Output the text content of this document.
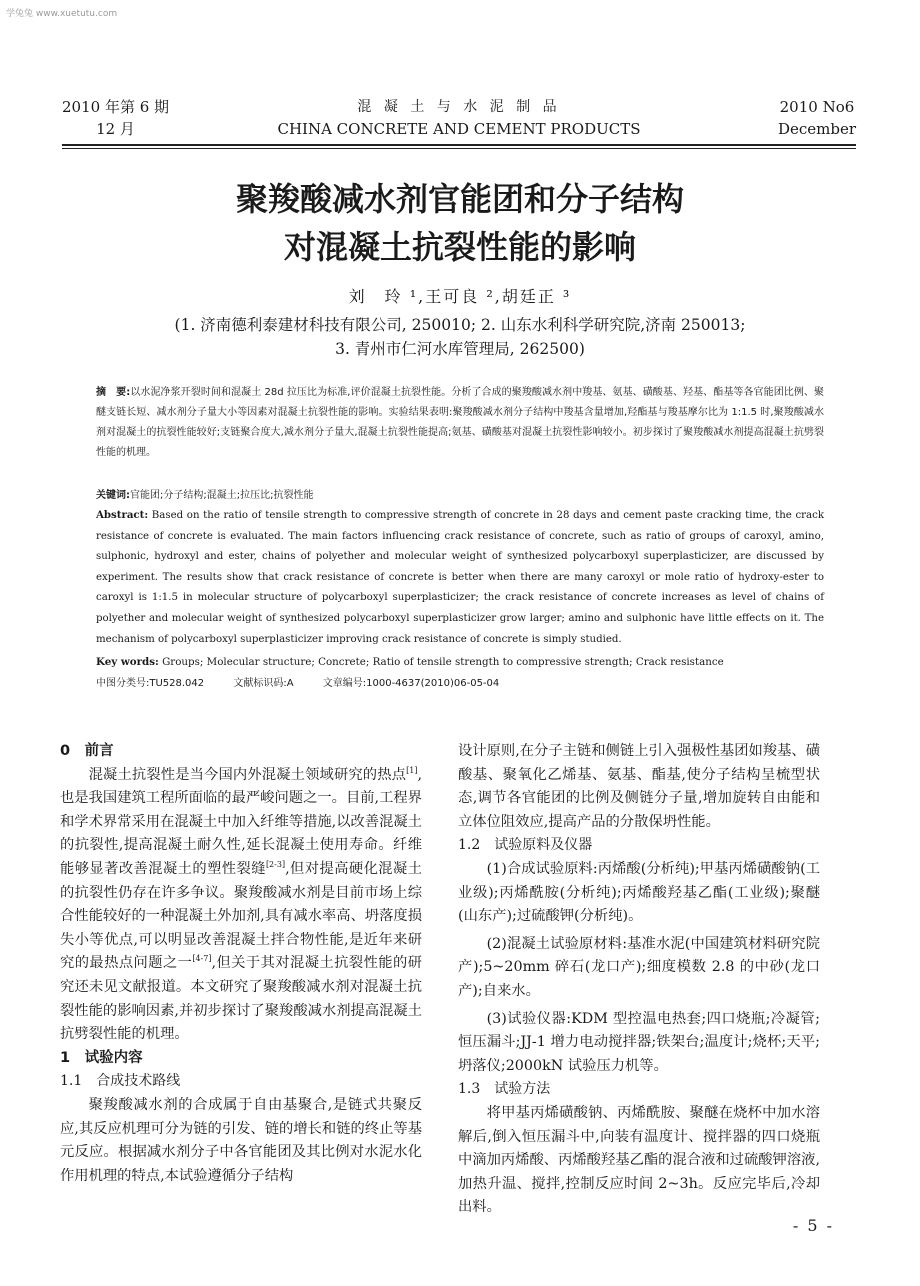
学兔兔 www.xuetutu.com
2010 年第 6 期
12 月
混 凝 土 与 水 泥 制 品
CHINA CONCRETE AND CEMENT PRODUCTS
2010 No6
December
聚羧酸减水剂官能团和分子结构
对混凝土抗裂性能的影响
刘　玲 ¹,王可良 ²,胡廷正 ³
(1. 济南德利泰建材科技有限公司, 250010; 2. 山东水利科学研究院,济南 250013;
3. 青州市仁河水库管理局, 262500)
摘　要:以水泥净浆开裂时间和混凝土 28d 拉压比为标准,评价混凝土抗裂性能。分析了合成的聚羧酸减水剂中羧基、氨基、磺酸基、羟基、酯基等各官能团比例、聚醚支链长短、减水剂分子量大小等因素对混凝土抗裂性能的影响。实验结果表明:聚羧酸减水剂分子结构中羧基含量增加,羟酯基与羧基摩尔比为 1:1.5 时,聚羧酸减水剂对混凝土的抗裂性能较好;支链聚合度大,减水剂分子量大,混凝土抗裂性能提高;氨基、磺酸基对混凝土抗裂性影响较小。初步探讨了聚羧酸减水剂提高混凝土抗劈裂性能的机理。
关键词:官能团;分子结构;混凝土;拉压比;抗裂性能
Abstract: Based on the ratio of tensile strength to compressive strength of concrete in 28 days and cement paste cracking time, the crack resistance of concrete is evaluated. The main factors influencing crack resistance of concrete, such as ratio of groups of caroxyl, amino, sulphonic, hydroxyl and ester, chains of polyether and molecular weight of synthesized polycarboxyl superplasticizer, are discussed by experiment. The results show that crack resistance of concrete is better when there are many caroxyl or mole ratio of hydroxy-ester to caroxyl is 1:1.5 in molecular structure of polycarboxyl superplasticizer; the crack resistance of concrete increases as level of chains of polyether and molecular weight of synthesized polycarboxyl superplasticizer grow larger; amino and sulphonic have little effects on it. The mechanism of polycarboxyl superplasticizer improving crack resistance of concrete is simply studied.
Key words: Groups; Molecular structure; Concrete; Ratio of tensile strength to compressive strength; Crack resistance
中图分类号:TU528.042	文献标识码:A	文章编号:1000-4637(2010)06-05-04
0　前言

混凝土抗裂性是当今国内外混凝土领域研究的热点[1],也是我国建筑工程所面临的最严峻问题之一。目前,工程界和学术界常采用在混凝土中加入纤维等措施,以改善混凝土的抗裂性,提高混凝土耐久性,延长混凝土使用寿命。纤维能够显著改善混凝土的塑性裂缝[2-3],但对提高硬化混凝土的抗裂性仍存在许多争议。聚羧酸减水剂是目前市场上综合性能较好的一种混凝土外加剂,具有减水率高、坍落度损失小等优点,可以明显改善混凝土拌合物性能,是近年来研究的最热点问题之一[4-7],但关于其对混凝土抗裂性能的研究还未见文献报道。本文研究了聚羧酸减水剂对混凝土抗裂性能的影响因素,并初步探讨了聚羧酸减水剂提高混凝土抗劈裂性能的机理。

1　试验内容
1.1　合成技术路线

聚羧酸减水剂的合成属于自由基聚合,是链式共聚反应,其反应机理可分为链的引发、链的增长和链的终止等基元反应。根据减水剂分子中各官能团及其比例对水泥水化作用机理的特点,本试验遵循分子结构

设计原则,在分子主链和侧链上引入强极性基团如羧基、磺酸基、聚氧化乙烯基、氨基、酯基,使分子结构呈梳型状态,调节各官能团的比例及侧链分子量,增加旋转自由能和立体位阻效应,提高产品的分散保坍性能。

1.2　试验原料及仪器

(1)合成试验原料:丙烯酸(分析纯);甲基丙烯磺酸钠(工业级);丙烯酰胺(分析纯);丙烯酸羟基乙酯(工业级);聚醚(山东产);过硫酸钾(分析纯)。

(2)混凝土试验原材料:基准水泥(中国建筑材料研究院产);5~20mm 碎石(龙口产);细度模数 2.8 的中砂(龙口产);自来水。

(3)试验仪器:KDM 型控温电热套;四口烧瓶;冷凝管;恒压漏斗;JJ-1 增力电动搅拌器;铁架台;温度计;烧杯;天平;坍落仪;2000kN 试验压力机等。

1.3　试验方法

将甲基丙烯磺酸钠、丙烯酰胺、聚醚在烧杯中加水溶解后,倒入恒压漏斗中,向装有温度计、搅拌器的四口烧瓶中滴加丙烯酸、丙烯酸羟基乙酯的混合液和过硫酸钾溶液,加热升温、搅拌,控制反应时间 2~3h。反应完毕后,冷却出料。

- 5 -
